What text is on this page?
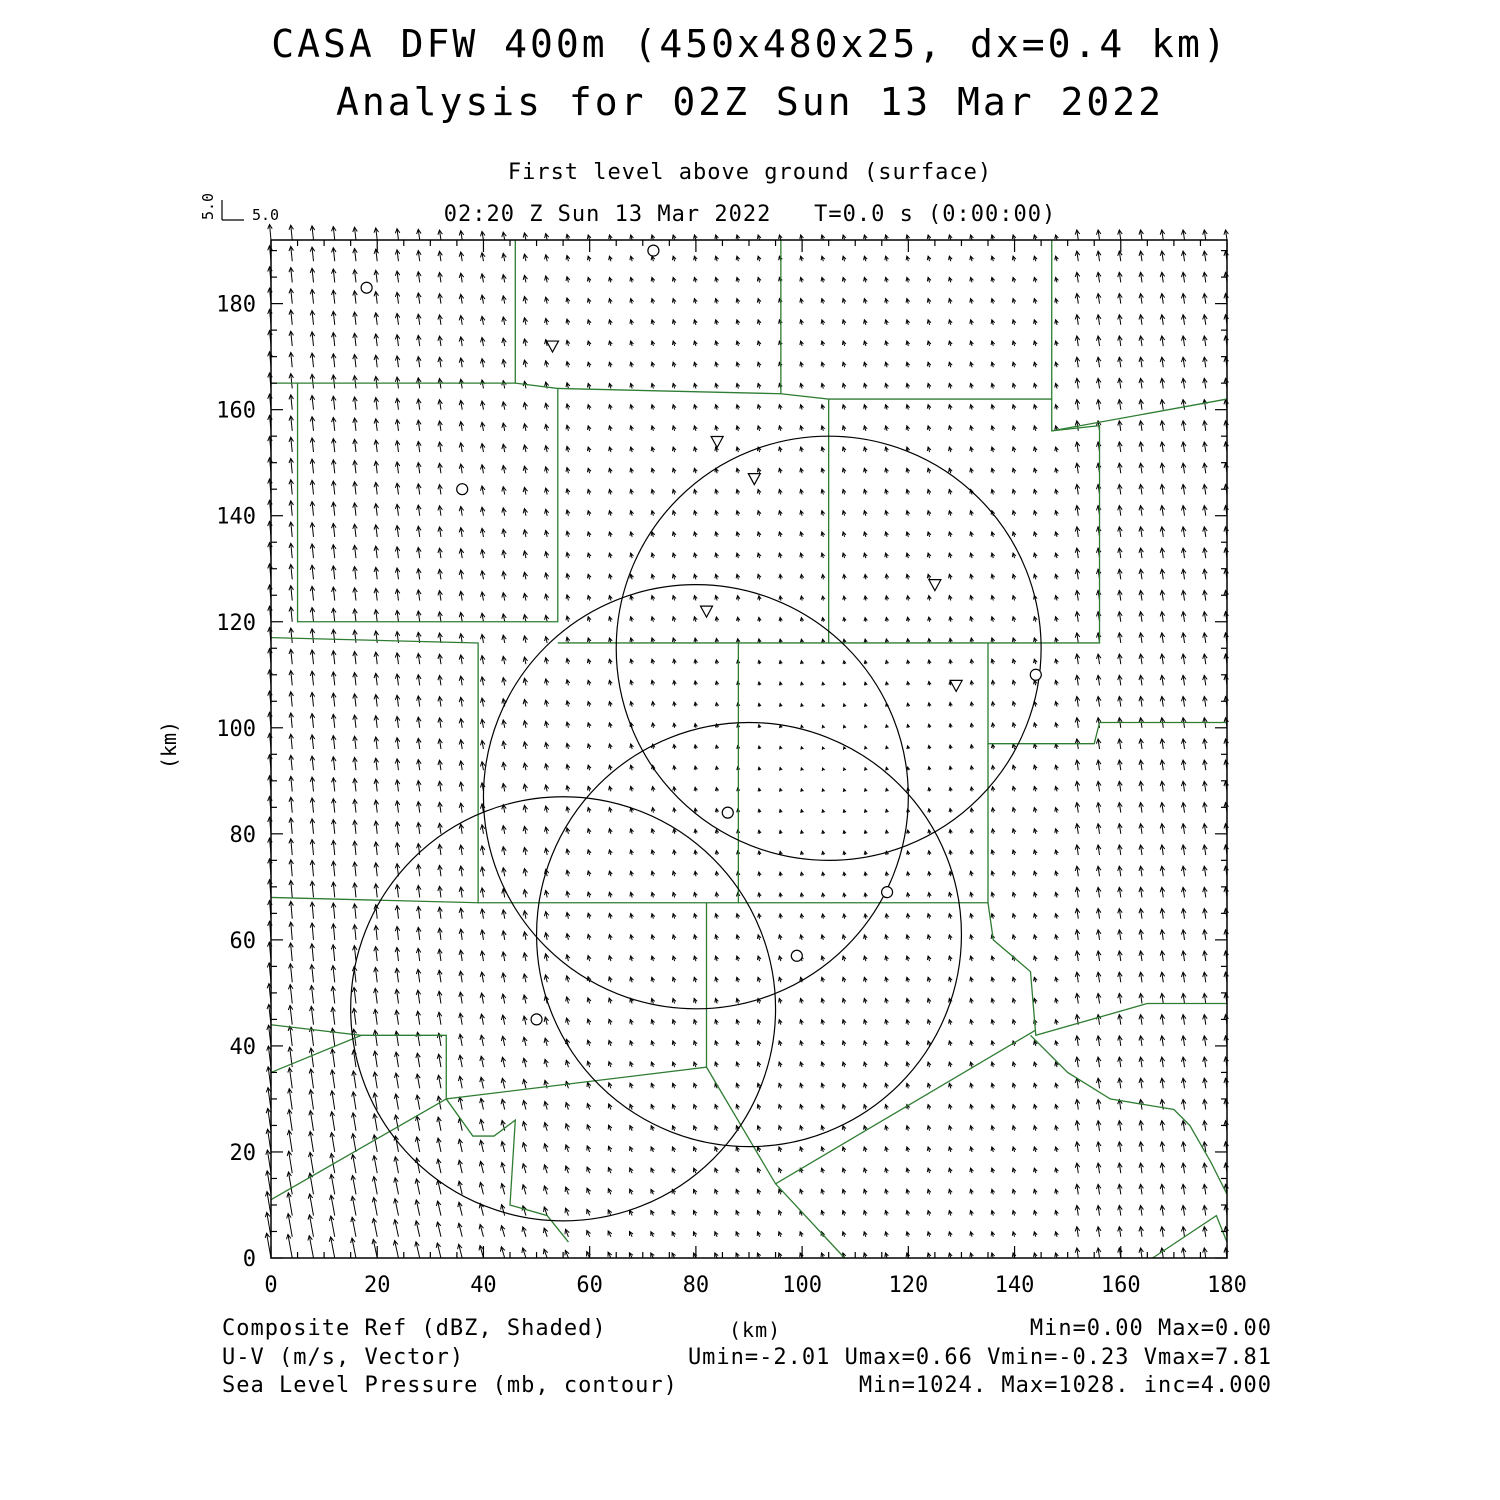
CASA DFW 400m (450x480x25, dx=0.4 km)
Analysis for 02Z Sun 13 Mar 2022
First level above ground (surface)
02:20 Z Sun 13 Mar 2022   T=0.0 s (0:00:00)
0	20	40	60	80	100	120	140	160	180
0
20
40
60
80
100
120
140
160
180
(km)
5.0 5.0
Composite Ref (dBZ, Shaded)
U-V (m/s, Vector)
Sea Level Pressure (mb, contour)
(km)	Min=0.00 Max=0.00
Umin=-2.01 Umax=0.66 Vmin=-0.23 Vmax=7.81
Min=1024. Max=1028. inc=4.000
